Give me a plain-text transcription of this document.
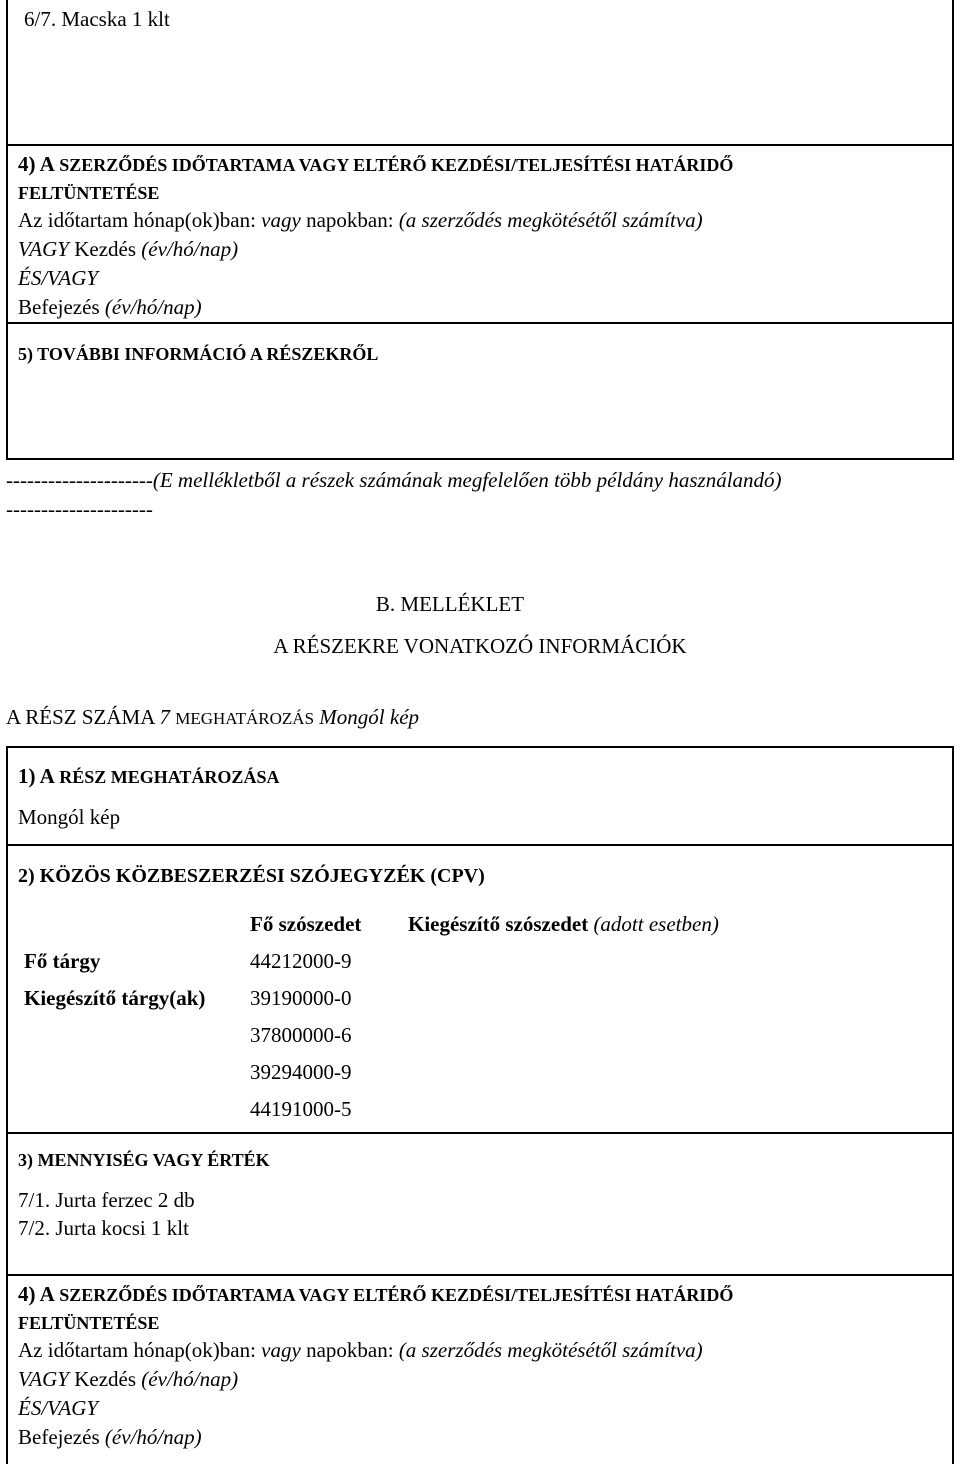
6/7. Macska 1 klt
4) A SZERZŐDÉS IDŐTARTAMA VAGY ELTÉRŐ KEZDÉSI/TELJESÍTÉSI HATÁRIDŐ
FELTÜNTETÉSE
Az időtartam hónap(ok)ban: vagy napokban: (a szerződés megkötésétől számítva)
VAGY Kezdés (év/hó/nap)
ÉS/VAGY
Befejezés (év/hó/nap)
5) TOVÁBBI INFORMÁCIÓ A RÉSZEKRŐL
---------------------(E mellékletből a részek számának megfelelően több példány használandó)
---------------------
B. MELLÉKLET
A RÉSZEKRE VONATKOZÓ INFORMÁCIÓK
A RÉSZ SZÁMA 7 MEGHATÁROZÁS Mongól kép
1) A RÉSZ MEGHATÁROZÁSA
Mongól kép
2) KÖZÖS KÖZBESZERZÉSI SZÓJEGYZÉK (CPV)
	Fő szószedet	Kiegészítő szószedet (adott esetben)
Fő tárgy	44212000-9	
Kiegészítő tárgy(ak)	39190000-0	
	37800000-6	
	39294000-9	
	44191000-5	
3) MENNYISÉG VAGY ÉRTÉK
7/1. Jurta ferzec 2 db
7/2. Jurta kocsi 1 klt
4) A SZERZŐDÉS IDŐTARTAMA VAGY ELTÉRŐ KEZDÉSI/TELJESÍTÉSI HATÁRIDŐ
FELTÜNTETÉSE
Az időtartam hónap(ok)ban: vagy napokban: (a szerződés megkötésétől számítva)
VAGY Kezdés (év/hó/nap)
ÉS/VAGY
Befejezés (év/hó/nap)
